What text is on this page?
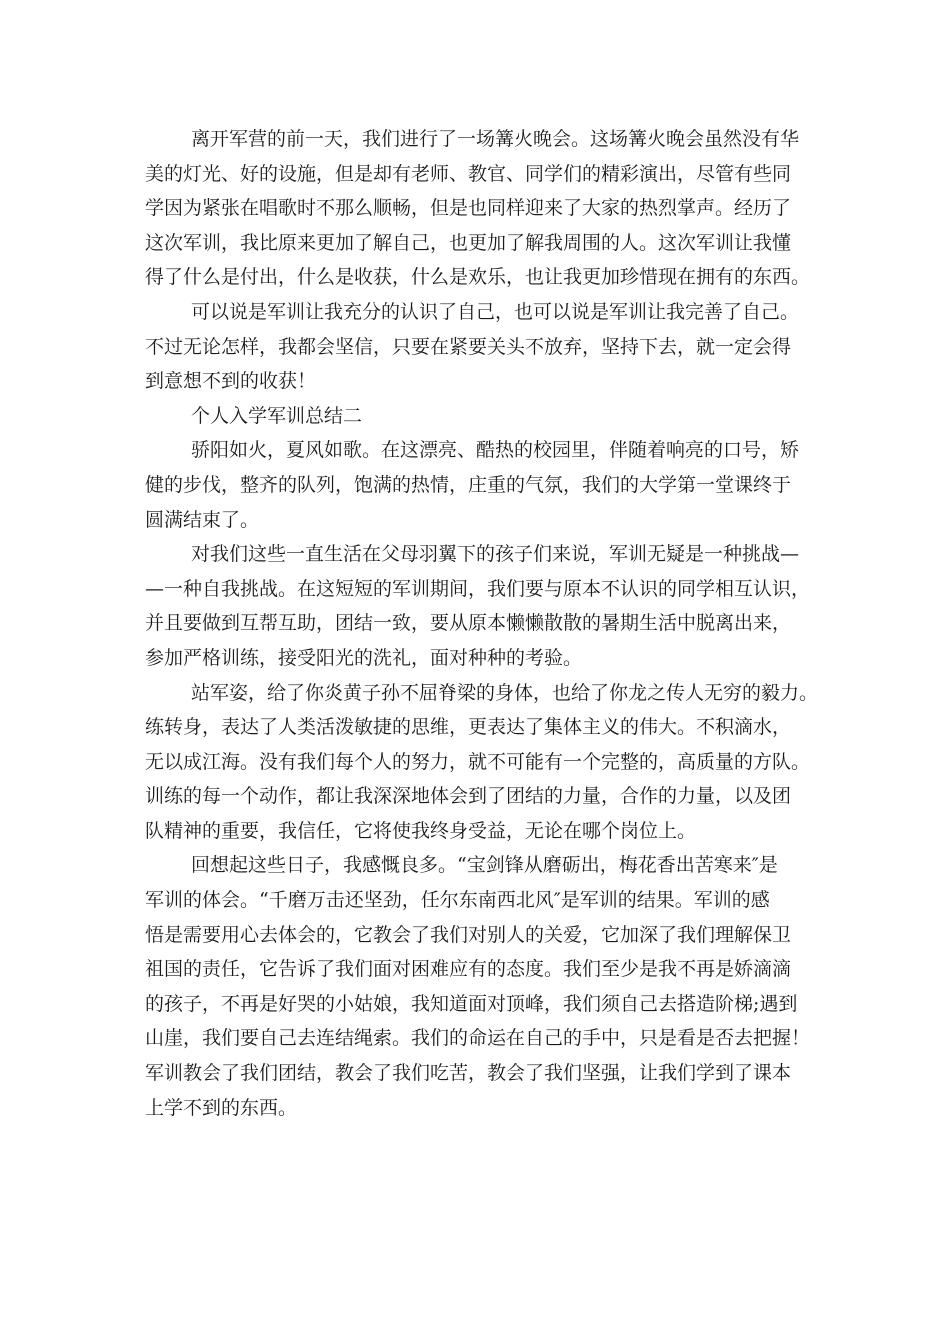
离开军营的前一天，我们进行了一场篝火晚会。这场篝火晚会虽然没有华
美的灯光、好的设施，但是却有老师、教官、同学们的精彩演出，尽管有些同
学因为紧张在唱歌时不那么顺畅，但是也同样迎来了大家的热烈掌声。经历了
这次军训，我比原来更加了解自己，也更加了解我周围的人。这次军训让我懂
得了什么是付出，什么是收获，什么是欢乐，也让我更加珍惜现在拥有的东西。
可以说是军训让我充分的认识了自己，也可以说是军训让我完善了自己。
不过无论怎样，我都会坚信，只要在紧要关头不放弃，坚持下去，就一定会得
到意想不到的收获！
个人入学军训总结二
骄阳如火，夏风如歌。在这漂亮、酷热的校园里，伴随着响亮的口号，矫
健的步伐，整齐的队列，饱满的热情，庄重的气氛，我们的大学第一堂课终于
圆满结束了。
对我们这些一直生活在父母羽翼下的孩子们来说，军训无疑是一种挑战—
—一种自我挑战。在这短短的军训期间，我们要与原本不认识的同学相互认识，
并且要做到互帮互助，团结一致，要从原本懒懒散散的暑期生活中脱离出来，
参加严格训练，接受阳光的洗礼，面对种种的考验。
站军姿，给了你炎黄子孙不屈脊梁的身体，也给了你龙之传人无穷的毅力。
练转身，表达了人类活泼敏捷的思维，更表达了集体主义的伟大。不积滴水，
无以成江海。没有我们每个人的努力，就不可能有一个完整的，高质量的方队。
训练的每一个动作，都让我深深地体会到了团结的力量，合作的力量，以及团
队精神的重要，我信任，它将使我终身受益，无论在哪个岗位上。
回想起这些日子，我感慨良多。“宝剑锋从磨砺出，梅花香出苦寒来″是
军训的体会。“千磨万击还坚劲，任尔东南西北风″是军训的结果。军训的感
悟是需要用心去体会的，它教会了我们对别人的关爱，它加深了我们理解保卫
祖国的责任，它告诉了我们面对困难应有的态度。我们至少是我不再是娇滴滴
的孩子，不再是好哭的小姑娘，我知道面对顶峰，我们须自己去搭造阶梯;遇到
山崖，我们要自己去连结绳索。我们的命运在自己的手中，只是看是否去把握！
军训教会了我们团结，教会了我们吃苦，教会了我们坚强，让我们学到了课本
上学不到的东西。
